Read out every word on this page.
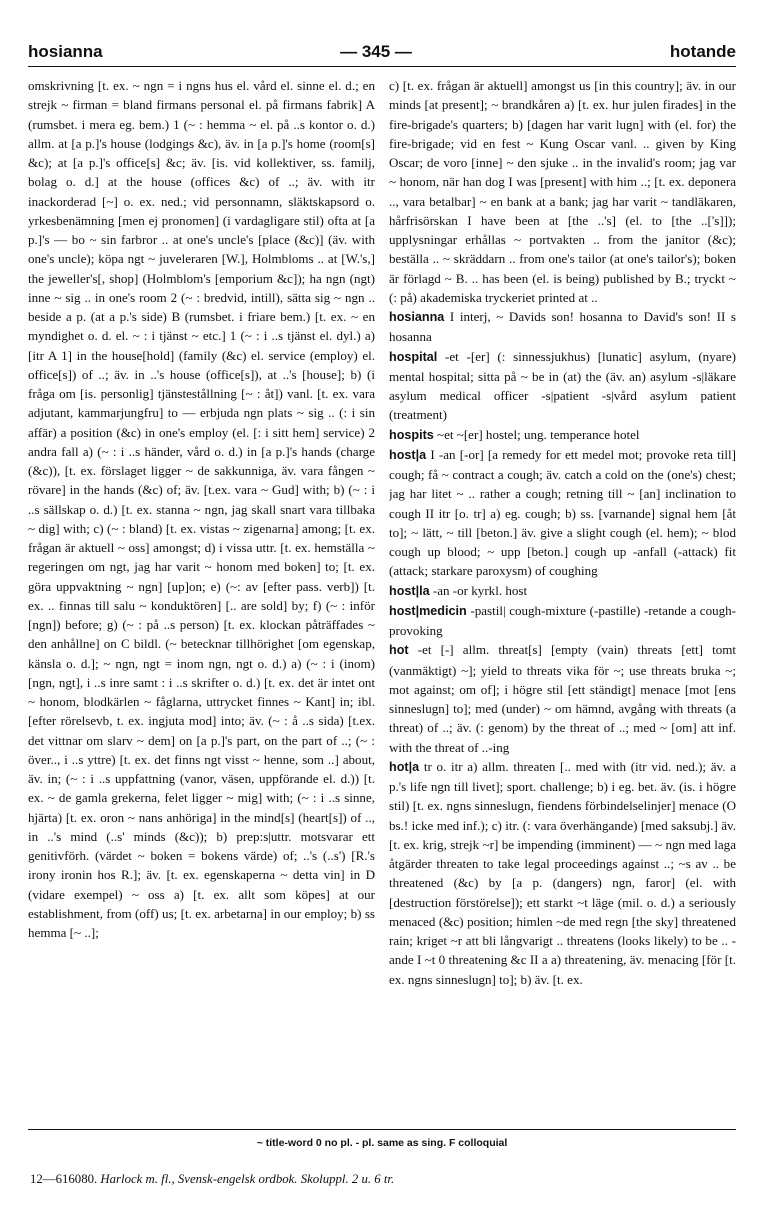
hosianna	— 345 —	hotande

omskrivning [t. ex. ~ ngn = i ngns hus el. vård el. sinne el. d.; en strejk ~ firman = bland firmans personal el. på firmans fabrik] A (rumsbet. i mera eg. bem.) 1 (~ : hemma ~ el. på ..s kontor o. d.) allm. at [a p.]'s house (lodgings &c), äv. in [a p.]'s home (room[s] &c); at [a p.]'s office[s] &c; äv. [is. vid kollektiver, ss. familj, bolag o. d.] at the house (offices &c) of ..; äv. with itr inackorderad [~] o. ex. ned.; vid personnamn, släktskapsord o. yrkesbenämning [men ej pronomen] (i vardagligare stil) ofta at [a p.]'s — bo ~ sin farbror .. at one's uncle's [place (&c)] (äv. with one's uncle); köpa ngt ~ juveleraren [W.], Holmbloms .. at [W.'s,] the jeweller's[, shop] (Holmblom's [emporium &c]); ha ngn (ngt) inne ~ sig .. in one's room 2 (~ : bredvid, intill), sätta sig ~ ngn .. beside a p. (at a p.'s side) B (rumsbet. i friare bem.) [t. ex. ~ en myndighet o. d. el. ~ : i tjänst ~ etc.] 1 (~ : i ..s tjänst el. dyl.) a) [itr A 1] in the house[hold] (family (&c) el. service (employ) el. office[s]) of ..; äv. in ..'s house (office[s]), at ..'s [house]; b) (i fråga om [is. personlig] tjänstestållning [~ : åt]) vanl. [t. ex. vara adjutant, kammarjungfru] to — erbjuda ngn plats ~ sig .. (: i sin affär) a position (&c) in one's employ (el. [: i sitt hem] service) 2 andra fall a) (~ : i ..s händer, vård o. d.) in [a p.]'s hands (charge (&c)), [t. ex. förslaget ligger ~ de sakkunniga, äv. vara fången ~ rövare] in the hands (&c) of; äv. [t.ex. vara ~ Gud] with; b) (~ : i ..s sällskap o. d.) [t. ex. stanna ~ ngn, jag skall snart vara tillbaka ~ dig] with; c) (~ : bland) [t. ex. vistas ~ zigenarna] among; [t. ex. frågan är aktuell ~ oss] amongst; d) i vissa uttr. [t. ex. hemställa ~ regeringen om ngt, jag har varit ~ honom med boken] to; [t. ex. göra uppvaktning ~ ngn] [up]on; e) (~: av [efter pass. verb]) [t. ex. .. finnas till salu ~ konduktören] [.. are sold] by; f) (~ : inför [ngn]) before; g) (~ : på ..s person) [t. ex. klockan påträffades ~ den anhållne] on C bildl. (~ betecknar tillhörighet [om egenskap, känsla o. d.]; ~ ngn, ngt = inom ngn, ngt o. d.) a) (~ : i (inom) [ngn, ngt], i ..s inre samt : i ..s skrifter o. d.) [t. ex. det är intet ont ~ honom, blodkärlen ~ fåglarna, uttrycket finnes ~ Kant] in; ibl. [efter rörelsevb, t. ex. ingjuta mod] into; äv. (~ : å ..s sida) [t.ex. det vittnar om slarv ~ dem] on [a p.]'s part, on the part of ..; (~ : över.., i ..s yttre) [t. ex. det finns ngt visst ~ henne, som ..] about, äv. in; (~ : i ..s uppfattning (vanor, väsen, uppförande el. d.)) [t. ex. ~ de gamla grekerna, felet ligger ~ mig] with; (~ : i ..s sinne, hjärta) [t. ex. oron ~ nans anhöriga] in the mind[s] (heart[s]) of .., in ..'s mind (..s' minds (&c)); b) prep:s|uttr. motsvarar ett genitivförh. (värdet ~ boken = bokens värde) of; ..'s (..s') [R.'s irony ironin hos R.]; äv. [t. ex. egenskaperna ~ detta vin] in D (vidare exempel) ~ oss a) [t. ex. allt som köpes] at our establishment, from (off) us; [t. ex. arbetarna] in our employ; b) ss hemma [~ ..];

c) [t. ex. frågan är aktuell] amongst us [in this country]; äv. in our minds [at present]; ~ brandkåren a) [t. ex. hur julen firades] in the fire-brigade's quarters; b) [dagen har varit lugn] with (el. for) the fire-brigade; vid en fest ~ Kung Oscar vanl. .. given by King Oscar; de voro [inne] ~ den sjuke .. in the invalid's room; jag var ~ honom, när han dog I was [present] with him ..; [t. ex. deponera .., vara betalbar] ~ en bank at a bank; jag har varit ~ tandläkaren, hårfrisörskan I have been at [the ..'s] (el. to [the ..['s]]); upplysningar erhållas ~ portvakten .. from the janitor (&c); beställa .. ~ skräddarn .. from one's tailor (at one's tailor's); boken är förlagd ~ B. .. has been (el. is being) published by B.; tryckt ~ (: på) akademiska tryckeriet printed at ..

hosianna I interj, ~ Davids son! hosanna to David's son! II s hosanna

hospital -et -[er] (: sinnessjukhus) [lunatic] asylum, (nyare) mental hospital; sitta på ~ be in (at) the (äv. an) asylum -s|läkare asylum medical officer -s|patient -s|vård asylum patient (treatment)

hospits ~et ~[er] hostel; ung. temperance hotel

host|a I -an [-or] [a remedy for ett medel mot; provoke reta till] cough; få ~ contract a cough; äv. catch a cold on the (one's) chest; jag har litet ~ .. rather a cough; retning till ~ [an] inclination to cough II itr [o. tr] a) eg. cough; b) ss. [varnande] signal hem [åt to]; ~ lätt, ~ till [beton.] äv. give a slight cough (el. hem); ~ blod cough up blood; ~ upp [beton.] cough up -anfall (-attack) fit (attack; starkare paroxysm) of coughing

host|la -an -or kyrkl. host

host|medicin -pastil| cough-mixture (-pastille) -retande a cough-provoking

hot -et [-] allm. threat[s] [empty (vain) threats [ett] tomt (vanmäktigt) ~]; yield to threats vika för ~; use threats bruka ~; mot against; om of]; i högre stil [ett ständigt] menace [mot [ens sinneslugn] to]; med (under) ~ om hämnd, avgång with threats (a threat) of ..; äv. (: genom) by the threat of ..; med ~ [om] att inf. with the threat of ..-ing

hot|a tr o. itr a) allm. threaten [.. med with (itr vid. ned.); äv. a p.'s life ngn till livet]; sport. challenge; b) i eg. bet. äv. (is. i högre stil) [t. ex. ngns sinneslugn, fiendens förbindelselinjer] menace (O bs.! icke med inf.); c) itr. (: vara överhängande) [med saksubj.] äv. [t. ex. krig, strejk ~r] be impending (imminent) — ~ ngn med laga åtgärder threaten to take legal proceedings against ..; ~s av .. be threatened (&c) by [a p. (dangers) ngn, faror] (el. with [destruction förstörelse]); ett starkt ~t läge (mil. o. d.) a seriously menaced (&c) position; himlen ~de med regn [the sky] threatened rain; kriget ~r att bli långvarigt .. threatens (looks likely) to be .. -ande I ~t 0 threatening &c II a a) threatening, äv. menacing [för [t. ex. ngns sinneslugn] to]; b) äv. [t. ex.

~ title-word 0 no pl. - pl. same as sing. F colloquial
12—616080. Harlock m. fl., Svensk-engelsk ordbok. Skoluppl. 2 u. 6 tr.
